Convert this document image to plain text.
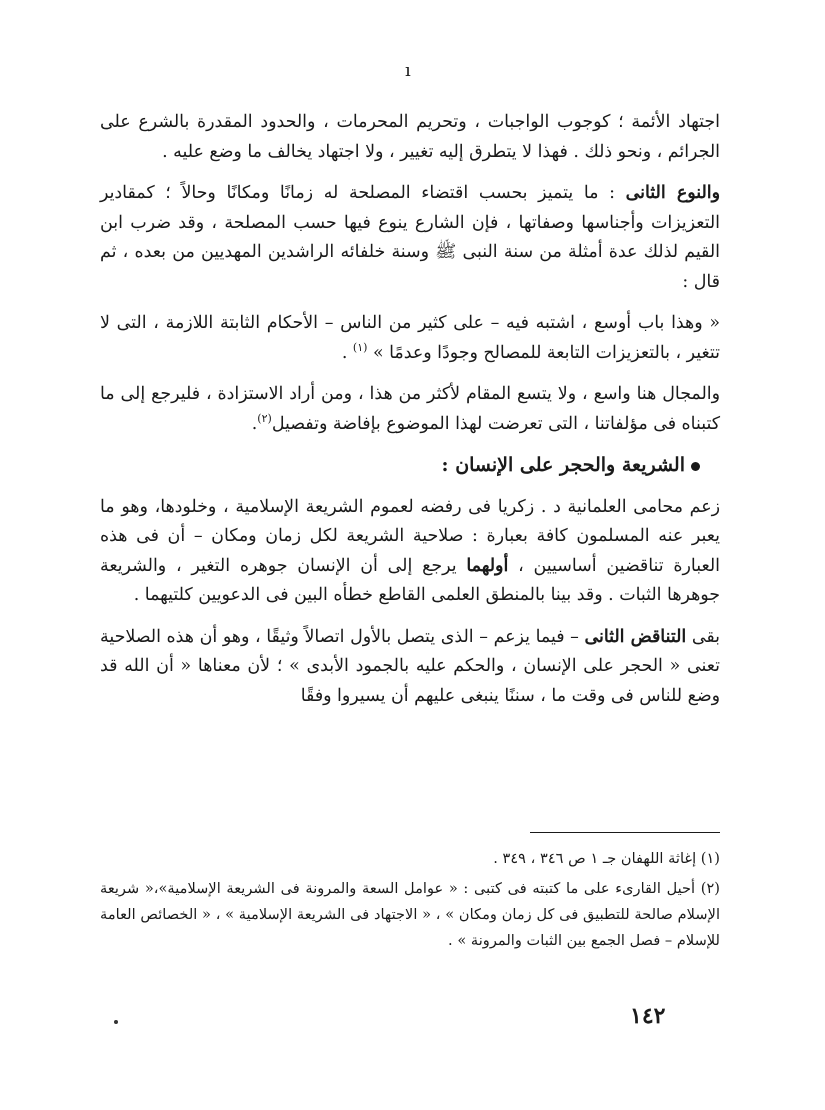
ı

اجتهاد الأئمة ؛ كوجوب الواجبات ، وتحريم المحرمات ، والحدود المقدرة بالشرع على الجرائم ، ونحو ذلك . فهذا لا يتطرق إليه تغيير ، ولا اجتهاد يخالف ما وضع عليه .

والنوع الثانى : ما يتميز بحسب اقتضاء المصلحة له زمانًا ومكانًا وحالاً ؛ كمقادير التعزيزات وأجناسها وصفاتها ، فإن الشارع ينوع فيها حسب المصلحة ، وقد ضرب ابن القيم لذلك عدة أمثلة من سنة النبى ﷺ وسنة خلفائه الراشدين المهديين من بعده ، ثم قال :

« وهذا باب أوسع ، اشتبه فيه – على كثير من الناس – الأحكام الثابتة اللازمة ، التى لا تتغير ، بالتعزيزات التابعة للمصالح وجودًا وعدمًا » $^{(١)}$ .

والمجال هنا واسع ، ولا يتسع المقام لأكثر من هذا ، ومن أراد الاستزادة ، فليرجع إلى ما كتبناه فى مؤلفاتنا ، التى تعرضت لهذا الموضوع بإفاضة وتفصيل$^{(٢)}$.

الشريعة والحجر على الإنسان :

زعم محامى العلمانية د . زكريا فى رفضه لعموم الشريعة الإسلامية ، وخلودها، وهو ما يعبر عنه المسلمون كافة بعبارة : صلاحية الشريعة لكل زمان ومكان – أن فى هذه العبارة تناقضين أساسيين ، أولهما يرجع إلى أن الإنسان جوهره التغير ، والشريعة جوهرها الثبات . وقد بينا بالمنطق العلمى القاطع خطأه البين فى الدعويين كلتيهما .

بقى التناقض الثانى – فيما يزعم – الذى يتصل بالأول اتصالاً وثيقًا ، وهو أن هذه الصلاحية تعنى « الحجر على الإنسان ، والحكم عليه بالجمود الأبدى » ؛ لأن معناها « أن الله قد وضع للناس فى وقت ما ، سننًا ينبغى عليهم أن يسيروا وفقًا

(١) إغاثة اللهفان جـ ١ ص ٣٤٦ ، ٣٤٩ .

(٢) أحيل القارىء على ما كتبته فى كتبى : « عوامل السعة والمرونة فى الشريعة الإسلامية»،« شريعة الإسلام صالحة للتطبيق فى كل زمان ومكان » ، « الاجتهاد فى الشريعة الإسلامية » ، « الخصائص العامة للإسلام – فصل الجمع بين الثبات والمرونة » .

١٤٢
